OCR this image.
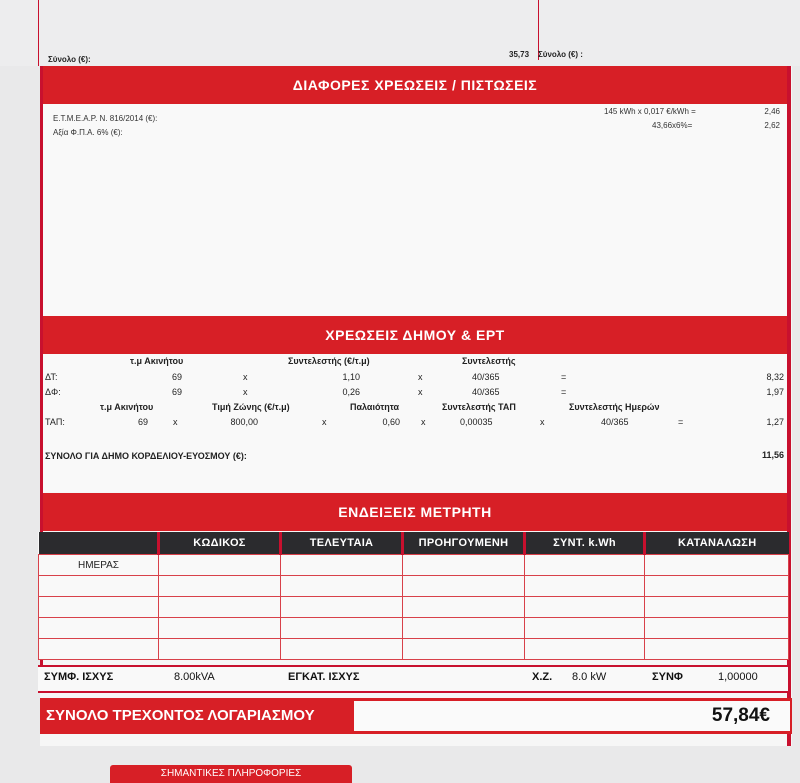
Σύνολο (€):
35,73 Σύνολο (€) :
ΔΙΑΦΟΡΕΣ ΧΡΕΩΣΕΙΣ / ΠΙΣΤΩΣΕΙΣ
Ε.Τ.Μ.Ε.Α.Ρ. Ν. 816/2014 (€):
145 kWh x 0,017 €/kWh =	2,46
Αξία Φ.Π.Α. 6% (€):
43,66x6%=	2,62
ΧΡΕΩΣΕΙΣ ΔΗΜΟΥ & ΕΡΤ
τ.μ Ακινήτου	Συντελεστής (€/τ.μ)	Συντελεστής
ΔΤ:	69	x	1,10	x	40/365	=	8,32
ΔΦ:	69	x	0,26	x	40/365	=	1,97
τ.μ Ακινήτου	Τιμή Ζώνης (€/τ.μ)	Παλαιότητα	Συντελεστής ΤΑΠ	Συντελεστής Ημερών
ΤΑΠ:	69	x	800,00	x	0,60 x	0,00035	x	40/365	=	1,27
ΣΥΝΟΛΟ ΓΙΑ ΔΗΜΟ ΚΟΡΔΕΛΙΟΥ-ΕΥΟΣΜΟΥ (€):	11,56
ΕΝΔΕΙΞΕΙΣ ΜΕΤΡΗΤΗ
	ΚΩΔΙΚΟΣ	ΤΕΛΕΥΤΑΙΑ	ΠΡΟΗΓΟΥΜΕΝΗ	ΣΥΝΤ. k.Wh	ΚΑΤΑΝΑΛΩΣΗ
ΗΜΕΡΑΣ					

ΣΥΜΦ. ΙΣΧΥΣ	8.00kVA	ΕΓΚΑΤ. ΙΣΧΥΣ	Χ.Ζ. 8.0 kW	ΣΥΝΦ	1,00000
ΣΥΝΟΛΟ ΤΡΕΧΟΝΤΟΣ ΛΟΓΑΡΙΑΣΜΟΥ	57,84€
ΣΗΜΑΝΤΙΚΕΣ ΠΛΗΡΟΦΟΡΙΕΣ
